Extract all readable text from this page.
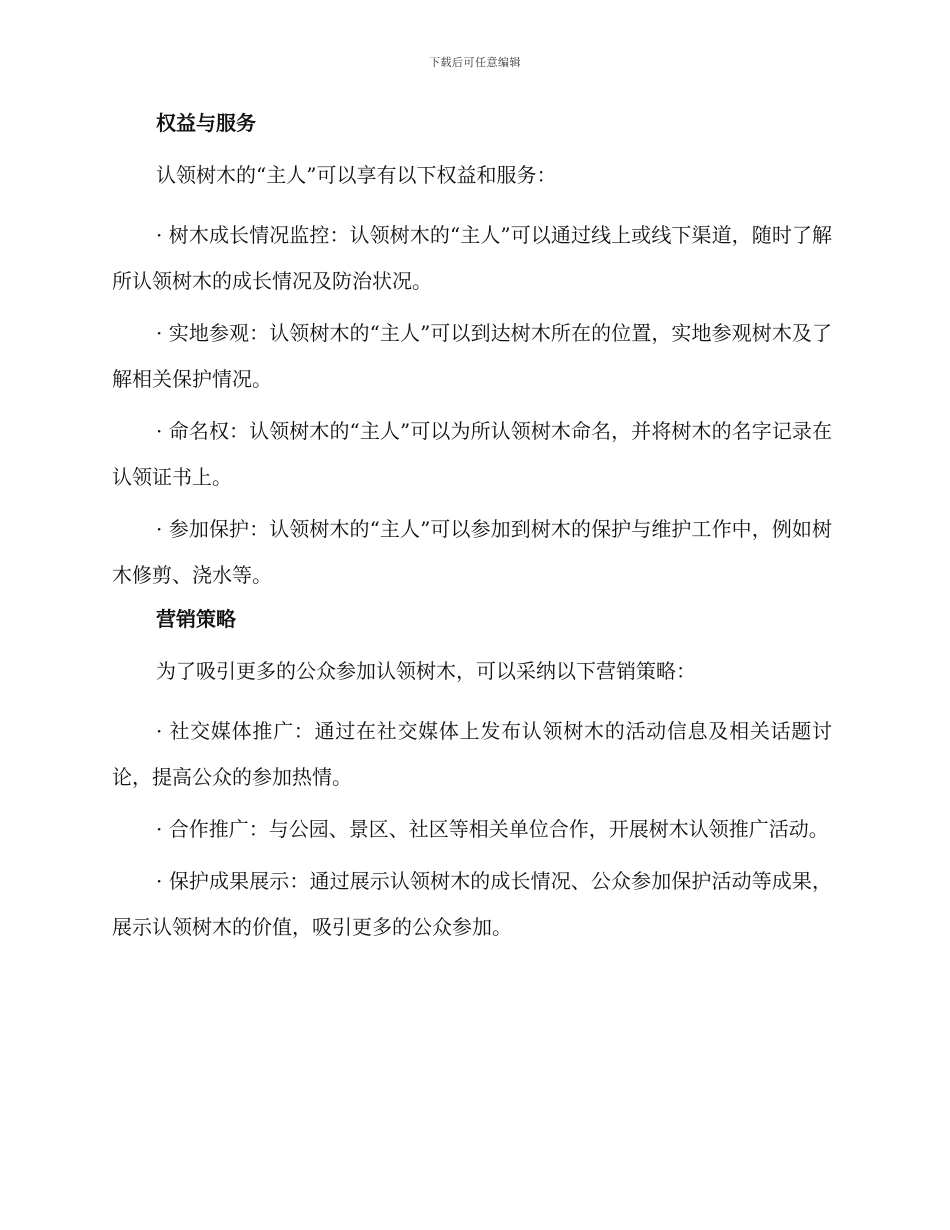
下载后可任意编辑
权益与服务
认领树木的“主人”可以享有以下权益和服务：
· 树木成长情况监控：认领树木的“主人”可以通过线上或线下渠道，随时了解所认领树木的成长情况及防治状况。
· 实地参观：认领树木的“主人”可以到达树木所在的位置，实地参观树木及了解相关保护情况。
· 命名权：认领树木的“主人”可以为所认领树木命名，并将树木的名字记录在认领证书上。
· 参加保护：认领树木的“主人”可以参加到树木的保护与维护工作中，例如树木修剪、浇水等。
营销策略
为了吸引更多的公众参加认领树木，可以采纳以下营销策略：
· 社交媒体推广：通过在社交媒体上发布认领树木的活动信息及相关话题讨论，提高公众的参加热情。
· 合作推广：与公园、景区、社区等相关单位合作，开展树木认领推广活动。
· 保护成果展示：通过展示认领树木的成长情况、公众参加保护活动等成果，展示认领树木的价值，吸引更多的公众参加。
